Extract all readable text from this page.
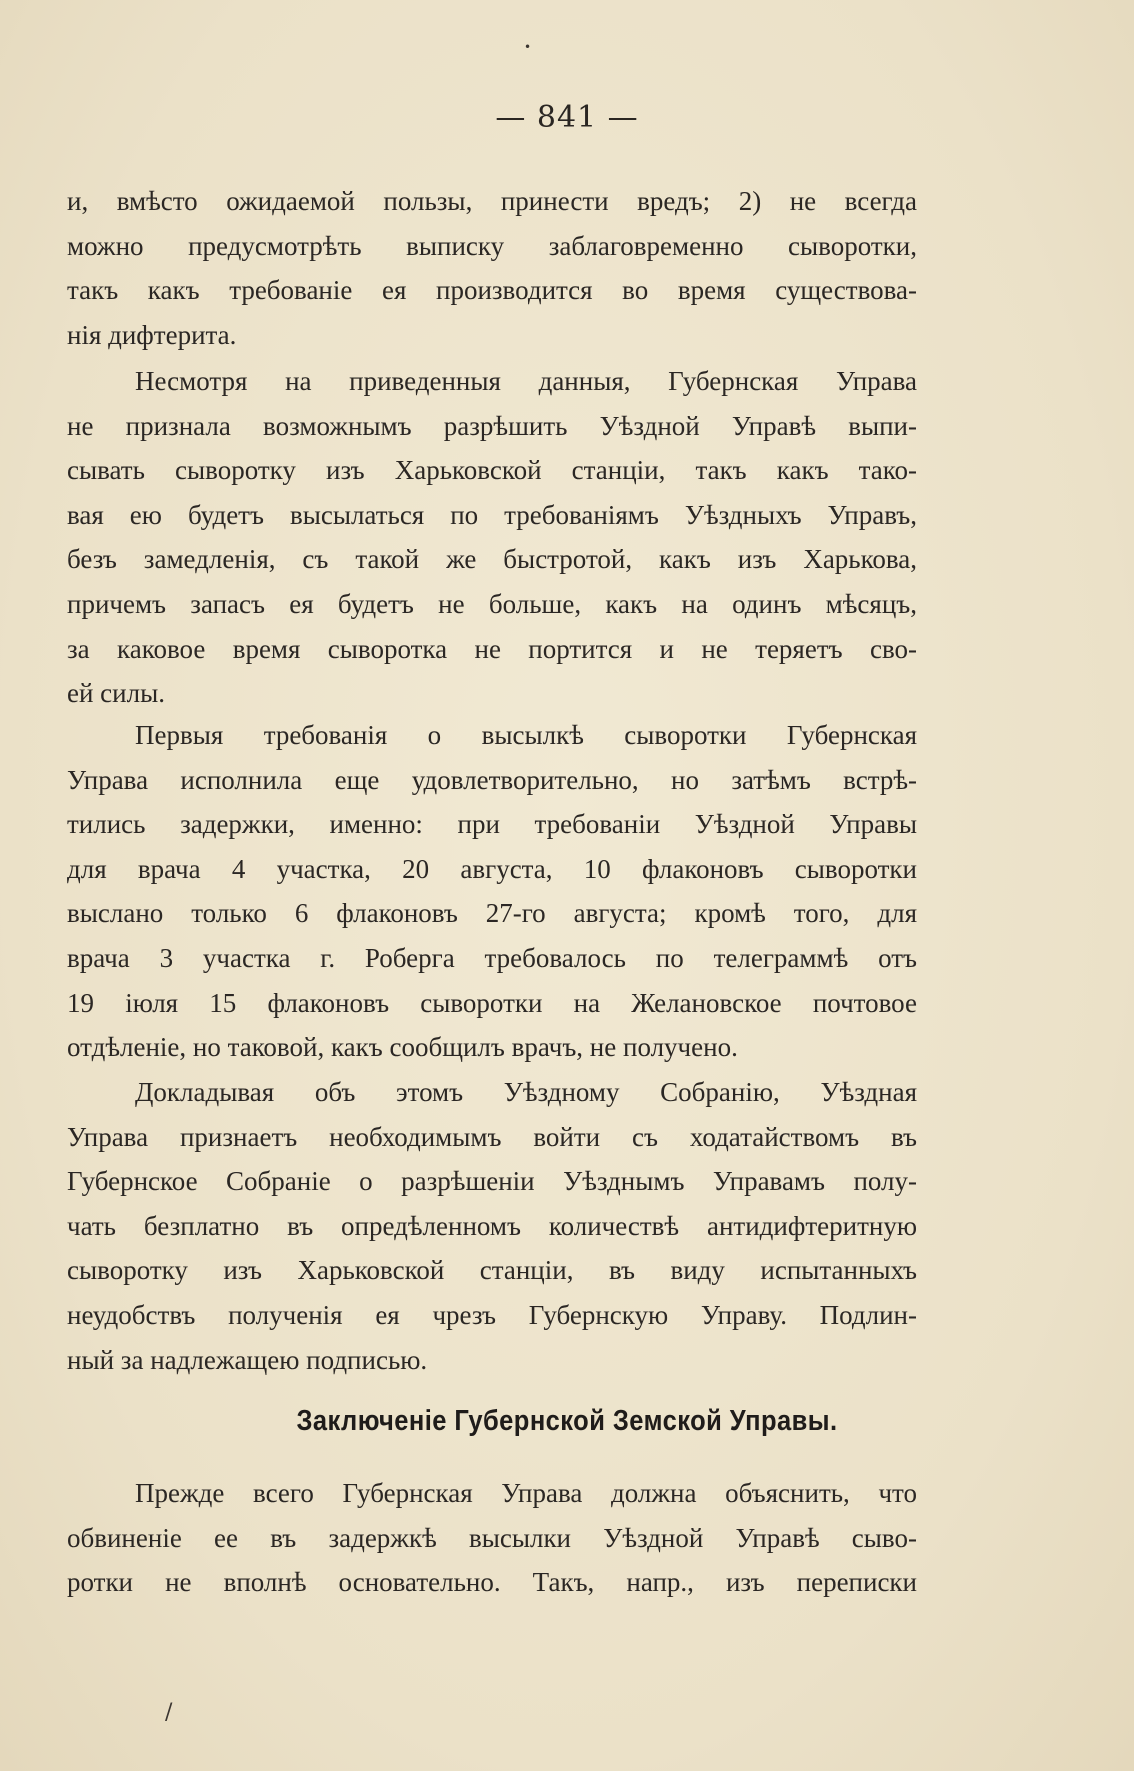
•
/
— 841 —
и, вмѣсто ожидаемой пользы, принести вредъ; 2) не всегда
можно предусмотрѣть выписку заблаговременно сыворотки,
такъ какъ требованіе ея производится во время существова-
нія дифтерита.
Несмотря на приведенныя данныя, Губернская Управа
не признала возможнымъ разрѣшить Уѣздной Управѣ выпи-
сывать сыворотку изъ Харьковской станціи, такъ какъ тако-
вая ею будетъ высылаться по требованіямъ Уѣздныхъ Управъ,
безъ замедленія, съ такой же быстротой, какъ изъ Харькова,
причемъ запасъ ея будетъ не больше, какъ на одинъ мѣсяцъ,
за каковое время сыворотка не портится и не теряетъ сво-
ей силы.
Первыя требованія о высылкѣ сыворотки Губернская
Управа исполнила еще удовлетворительно, но затѣмъ встрѣ-
тились задержки, именно: при требованіи Уѣздной Управы
для врача 4 участка, 20 августа, 10 флаконовъ сыворотки
выслано только 6 флаконовъ 27-го августа; кромѣ того, для
врача 3 участка г. Роберга требовалось по телеграммѣ отъ
19 іюля 15 флаконовъ сыворотки на Желановское почтовое
отдѣленіе, но таковой, какъ сообщилъ врачъ, не получено.
Докладывая объ этомъ Уѣздному Собранію, Уѣздная
Управа признаетъ необходимымъ войти съ ходатайствомъ въ
Губернское Собраніе о разрѣшеніи Уѣзднымъ Управамъ полу-
чать безплатно въ опредѣленномъ количествѣ антидифтеритную
сыворотку изъ Харьковской станціи, въ виду испытанныхъ
неудобствъ полученія ея чрезъ Губернскую Управу. Подлин-
ный за надлежащею подписью.
Заключеніе Губернской Земской Управы.
Прежде всего Губернская Управа должна объяснить, что
обвиненіе ее въ задержкѣ высылки Уѣздной Управѣ сыво-
ротки не вполнѣ основательно. Такъ, напр., изъ переписки
